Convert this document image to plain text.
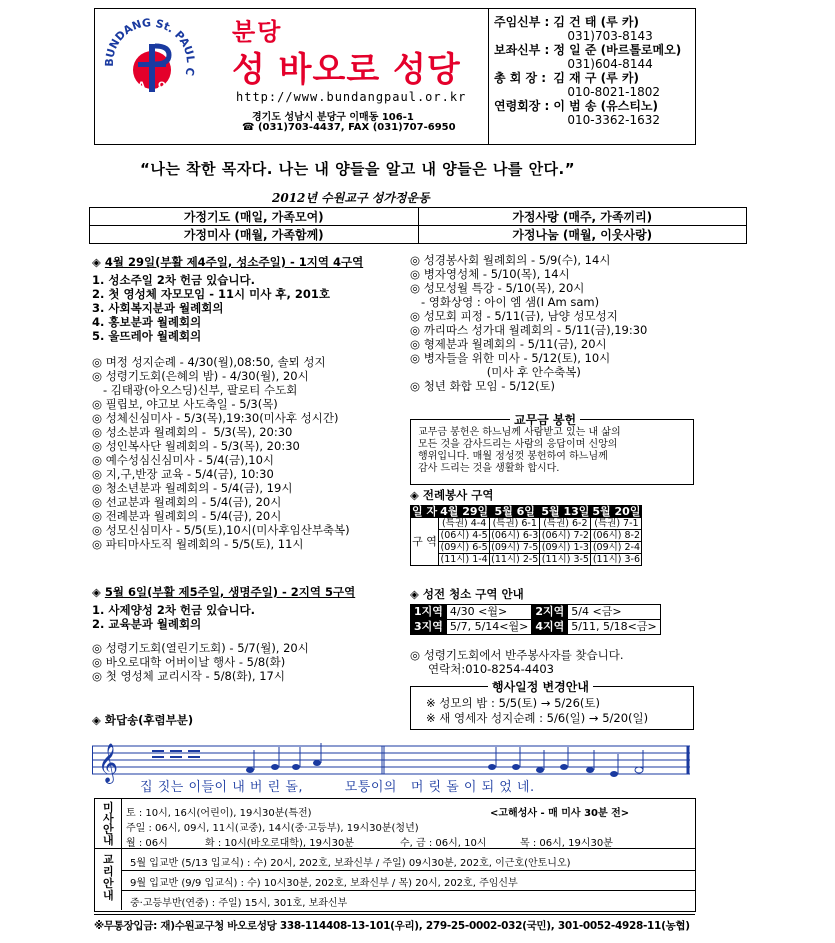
BUNDANG St. PAUL C
A Ω
분당
성 바오로 성당
http://www.bundangpaul.or.kr
경기도 성남시 분당구 이매동 106-1
☎ (031)703-4437, FAX (031)707-6950
주임신부 :	김 건 태 (루 카)
	031)703-8143
보좌신부 :	정 일 준 (바르톨로메오)
	031)604-8144
총 회 장 :	김 재 구 (루 카)
	010-8021-1802
연령회장 :	이 범 송 (유스티노)
	010-3362-1632
“나는 착한 목자다. 나는 내 양들을 알고 내 양들은 나를 안다.”
2012년 수원교구 성가정운동
가정기도 (매일, 가족모여)	가정사랑 (매주, 가족끼리)
가정미사 (매월, 가족함께)	가정나눔 (매월, 이웃사랑)
◈ 4월 29일(부활 제4주일, 성소주일) - 1지역 4구역
1. 성소주일 2차 헌금 있습니다.
2. 첫 영성체 자모모임 - 11시 미사 후, 201호
3. 사회복지분과 월례회의
4. 홍보분과 월례회의
5. 울뜨레아 월례회의
◎ 며정 성지순례 - 4/30(월),08:50, 솔뫼 성지
◎ 성령기도회(은혜의 밤) - 4/30(월), 20시
- 김태광(아오스딩)신부, 팔로티 수도회
◎ 필립보, 야고보 사도축일 - 5/3(목)
◎ 성체신심미사 - 5/3(목),19:30(미사후 성시간)
◎ 성소분과 월례회의 -  5/3(목), 20:30
◎ 성인복사단 월례회의 - 5/3(목), 20:30
◎ 예수성심신심미사 - 5/4(금),10시
◎ 지,구,반장 교육 - 5/4(금), 10:30
◎ 청소년분과 월례회의 - 5/4(금), 19시
◎ 선교분과 월례회의 - 5/4(금), 20시
◎ 전례분과 월례회의 - 5/4(금), 20시
◎ 성모신심미사 - 5/5(토),10시(미사후임산부축복)
◎ 파티마사도직 월례회의 - 5/5(토), 11시
◈ 5월 6일(부활 제5주일, 생명주일) - 2지역 5구역
1. 사제양성 2차 헌금 있습니다.
2. 교육분과 월례회의
◎ 성령기도회(열린기도회) - 5/7(월), 20시
◎ 바오로대학 어버이날 행사 - 5/8(화)
◎ 첫 영성체 교리시작 - 5/8(화), 17시
◈ 화답송(후렴부분)
◎ 성경봉사회 월례회의 - 5/9(수), 14시
◎ 병자영성체 - 5/10(목), 14시
◎ 성모성월 특강 - 5/10(목), 20시
- 영화상영 : 아이 엠 샘(I Am sam)
◎ 성모회 피정 - 5/11(금), 남양 성모성지
◎ 까리따스 성가대 월례회의 - 5/11(금),19:30
◎ 형제분과 월례회의 - 5/11(금), 20시
◎ 병자들을 위한 미사 - 5/12(토), 10시
(미사 후 안수축복)
◎ 청년 화합 모임 - 5/12(토)
교무금 봉헌
교무금 봉헌은 하느님께 사람받고 있는 내 삶의
모든 것을 감사드리는 사람의 응답이며 신앙의
행위입니다. 매월 정성껏 봉헌하여 하느님께
감사 드리는 것을 생활화 합시다.
◈ 전례봉사 구역
일 자	4월 29일	5월 6일	5월 13일	5월 20일
구 역	(특권) 4-4	(특권) 6-1	(특권) 6-2	(특권) 7-1
	(06시) 4-5	(06시) 6-3	(06시) 7-2	(06시) 8-2
	(09시) 6-5	(09시) 7-5	(09시) 1-3	(09시) 2-4
	(11시) 1-4	(11시) 2-5	(11시) 3-5	(11시) 3-6
◈ 성전 청소 구역 안내
1지역	4/30 <월>	2지역	5/4 <금>
3지역	5/7, 5/14<월>	4지역	5/11, 5/18<금>
◎ 성령기도회에서 반주봉사자를 찾습니다.
연락처:010-8254-4403
행사일정 변경안내
※ 성모의 밤 : 5/5(토) → 5/26(토)
※ 새 영세자 성지순례 : 5/6(일) → 5/20(일)
𝄞
집 짓는 이들이 내 버 린 돌,         모퉁이의   머 릿 돌 이 되 었 네.
미
사
안
내
교
리
안
내
토 : 10시, 16시(어린이), 19시30분(특전)	<고해성사 - 매 미사 30분 전>
주일 : 06시, 09시, 11시(교중), 14시(중·고등부), 19시30분(청년)
월 : 06시	화 : 10시(바오로대학), 19시30분	수, 금 : 06시, 10시	목 : 06시, 19시30분
5월 입교반 (5/13 입교식) : 수) 20시, 202호, 보좌신부 / 주일) 09시30분, 202호, 이근호(안토니오)
9월 입교반 (9/9 입교식) : 수) 10시30분, 202호, 보좌신부 / 목) 20시, 202호, 주임신부
중·고등부반(연중) : 주일) 15시, 301호, 보좌신부
※무통장입금: 재)수원교구청 바오로성당 338-114408-13-101(우리), 279-25-0002-032(국민), 301-0052-4928-11(농협)
